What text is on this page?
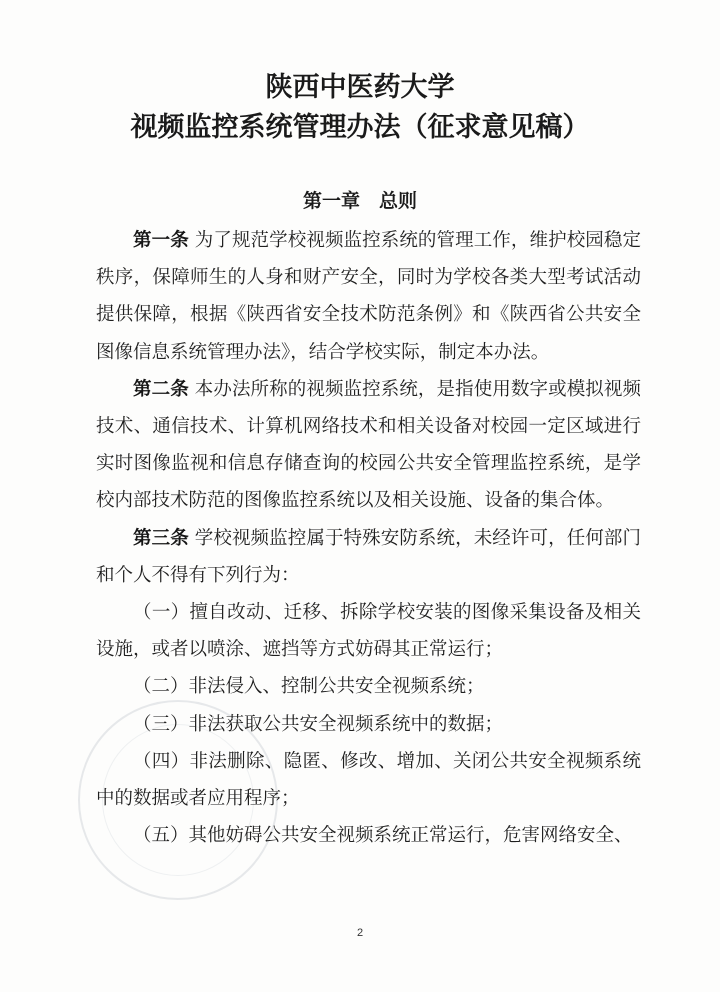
陕西中医药大学
视频监控系统管理办法（征求意见稿）
第一章　总则

第一条 为了规范学校视频监控系统的管理工作，维护校园稳定秩序，保障师生的人身和财产安全，同时为学校各类大型考试活动提供保障，根据《陕西省安全技术防范条例》和《陕西省公共安全图像信息系统管理办法》，结合学校实际，制定本办法。

第二条 本办法所称的视频监控系统，是指使用数字或模拟视频技术、通信技术、计算机网络技术和相关设备对校园一定区域进行实时图像监视和信息存储查询的校园公共安全管理监控系统，是学校内部技术防范的图像监控系统以及相关设施、设备的集合体。

第三条 学校视频监控属于特殊安防系统，未经许可，任何部门和个人不得有下列行为：

（一）擅自改动、迁移、拆除学校安装的图像采集设备及相关设施，或者以喷涂、遮挡等方式妨碍其正常运行；

（二）非法侵入、控制公共安全视频系统；

（三）非法获取公共安全视频系统中的数据；

（四）非法删除、隐匿、修改、增加、关闭公共安全视频系统中的数据或者应用程序；

（五）其他妨碍公共安全视频系统正常运行，危害网络安全、

2
